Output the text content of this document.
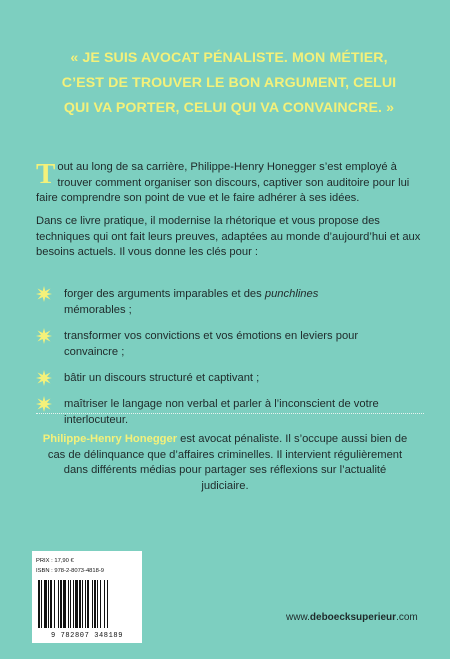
« JE SUIS AVOCAT PÉNALISTE. MON MÉTIER,
C’EST DE TROUVER LE BON ARGUMENT, CELUI
QUI VA PORTER, CELUI QUI VA CONVAINCRE. »

Tout au long de sa carrière, Philippe-Henry Honegger s’est employé à trouver comment organiser son discours, captiver son auditoire pour lui faire comprendre son point de vue et le faire adhérer à ses idées.

Dans ce livre pratique, il modernise la rhétorique et vous propose des techniques qui ont fait leurs preuves, adaptées au monde d’aujourd’hui et aux besoins actuels. Il vous donne les clés pour :

forger des arguments imparables et des punchlines
mémorables ;
transformer vos convictions et vos émotions en leviers pour convaincre ;
bâtir un discours structuré et captivant ;
maîtriser le langage non verbal et parler à l’inconscient de votre interlocuteur.
Philippe-Henry Honegger est avocat pénaliste. Il s’occupe aussi bien de cas de délinquance que d’affaires criminelles. Il intervient régulièrement dans différents médias pour partager ses réflexions sur l’actualité judiciaire.
PRIX : 17,90 €
ISBN : 978-2-8073-4818-9
9 782807 348189
www.deboecksuperieur.com
